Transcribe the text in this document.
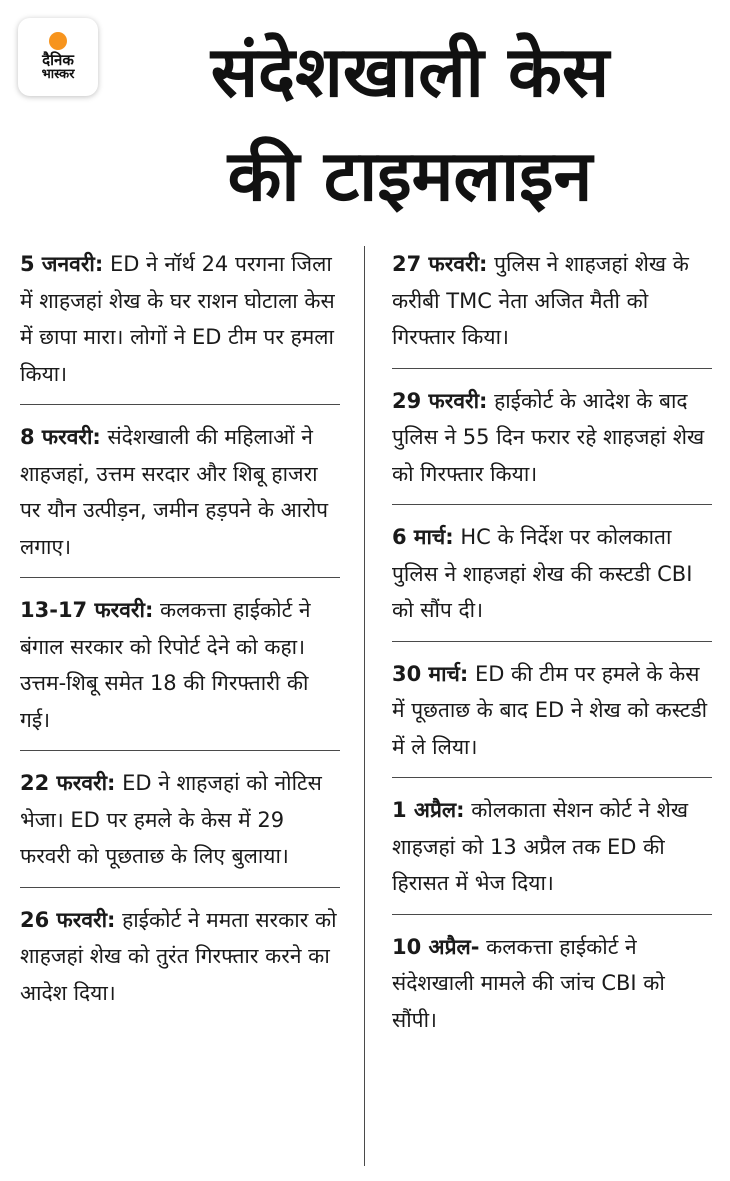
दैनिक
भास्कर	संदेशखाली केस
की टाइमलाइन
5 जनवरी: ED ने नॉर्थ 24 परगना जिला में शाहजहां शेख के घर राशन घोटाला केस में छापा मारा। लोगों ने ED टीम पर हमला किया।
8 फरवरी: संदेशखाली की महिलाओं ने शाहजहां, उत्तम सरदार और शिबू हाजरा पर यौन उत्पीड़न, जमीन हड़पने के आरोप लगाए।
13-17 फरवरी: कलकत्ता हाईकोर्ट ने बंगाल सरकार को रिपोर्ट देने को कहा। उत्तम-शिबू समेत 18 की गिरफ्तारी की गई।
22 फरवरी: ED ने शाहजहां को नोटिस भेजा। ED पर हमले के केस में 29 फरवरी को पूछताछ के लिए बुलाया।
26 फरवरी: हाईकोर्ट ने ममता सरकार को शाहजहां शेख को तुरंत गिरफ्तार करने का आदेश दिया।
27 फरवरी: पुलिस ने शाहजहां शेख के करीबी TMC नेता अजित मैती को गिरफ्तार किया।
29 फरवरी: हाईकोर्ट के आदेश के बाद पुलिस ने 55 दिन फरार रहे शाहजहां शेख को गिरफ्तार किया।
6 मार्च: HC के निर्देश पर कोलकाता पुलिस ने शाहजहां शेख की कस्टडी CBI को सौंप दी।
30 मार्च: ED की टीम पर हमले के केस में पूछताछ के बाद ED ने शेख को कस्टडी में ले लिया।
1 अप्रैल: कोलकाता सेशन कोर्ट ने शेख शाहजहां को 13 अप्रैल तक ED की हिरासत में भेज दिया।
10 अप्रैल- कलकत्ता हाईकोर्ट ने संदेशखाली मामले की जांच CBI को सौंपी।
